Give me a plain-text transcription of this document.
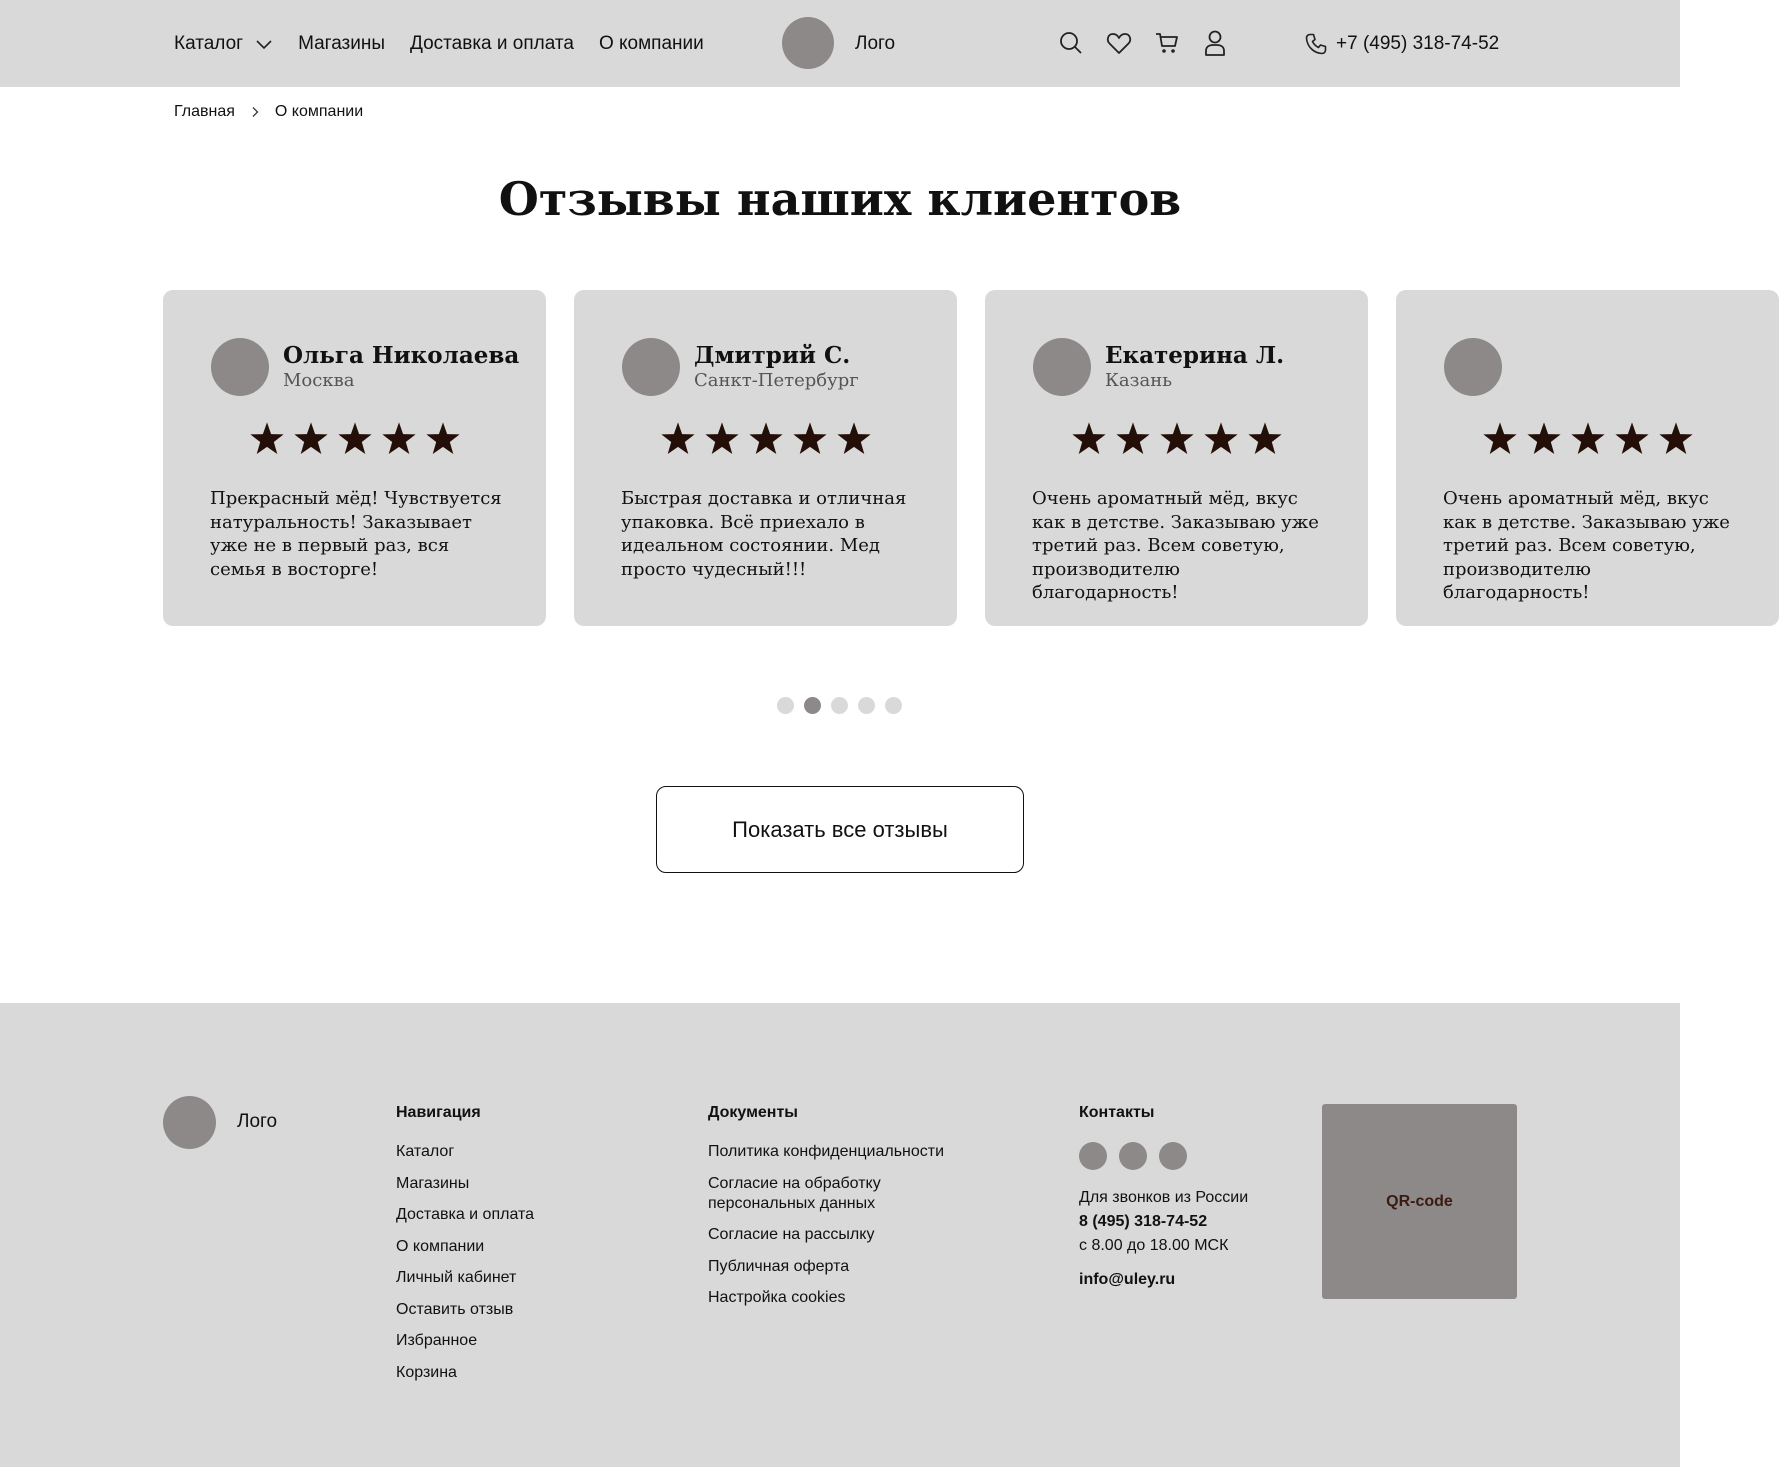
Каталог	Магазины Доставка и оплата О компании	Лого	+7 (495) 318-74-52
Главная	О компании
Отзывы наших клиентов
Ольга Николаева
Москва
Прекрасный мёд! Чувствуется натуральность! Заказывает уже не в первый раз, вся семья в восторге!
Дмитрий С.
Санкт-Петербург
Быстрая доставка и отличная упаковка. Всё приехало в идеальном состоянии. Мед просто чудесный!!!
Екатерина Л.
Казань
Очень ароматный мёд, вкус как в детстве. Заказываю уже третий раз. Всем советую, производителю благодарность!
Очень ароматный мёд, вкус как в детстве. Заказываю уже третий раз. Всем советую, производителю благодарность!
Показать все отзывы
Лого	Навигация
Каталог
Магазины
Доставка и оплата
О компании
Личный кабинет
Оставить отзыв
Избранное
Корзина
Документы
Политика конфиденциальности
Согласие на обработку персональных данных
Согласие на рассылку
Публичная оферта
Настройка cookies
Контакты
Для звонков из России
8 (495) 318-74-52
с 8.00 до 18.00 МСК
info@uley.ru
QR-code
